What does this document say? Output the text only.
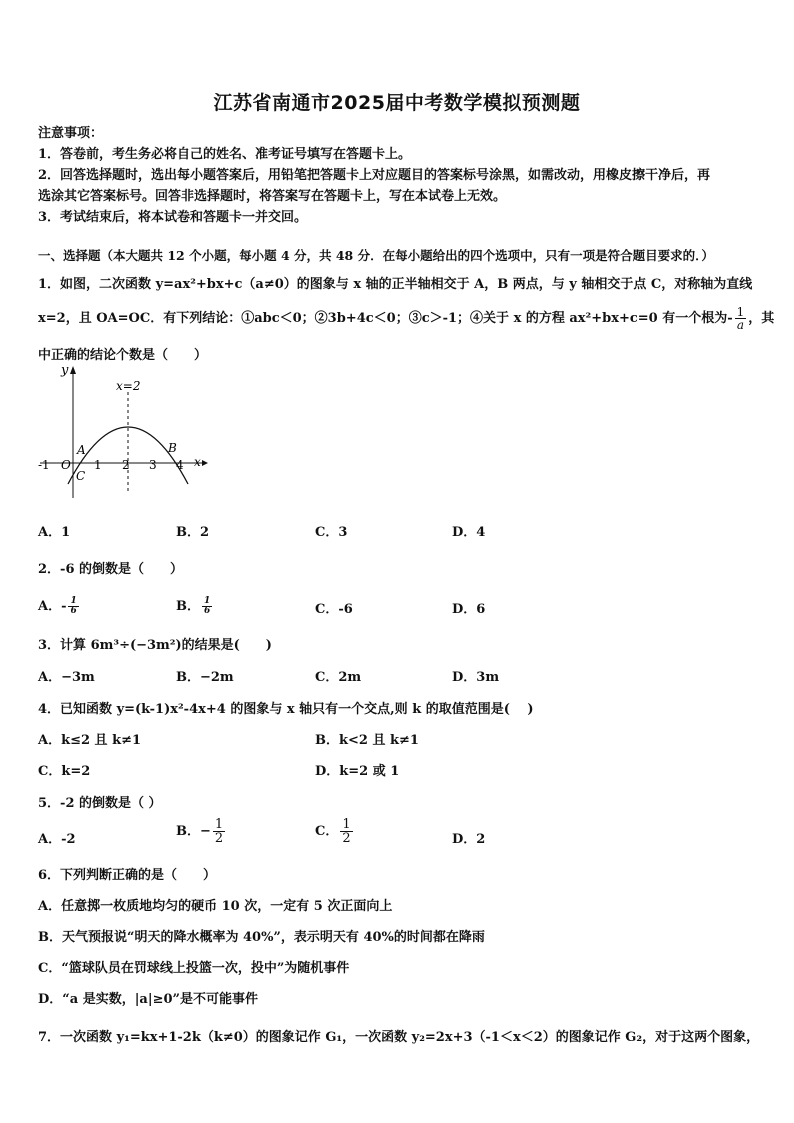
江苏省南通市2025届中考数学模拟预测题
注意事项：
1．答卷前，考生务必将自己的姓名、准考证号填写在答题卡上。
2．回答选择题时，选出每小题答案后，用铅笔把答题卡上对应题目的答案标号涂黑，如需改动，用橡皮擦干净后，再
选涂其它答案标号。回答非选择题时，将答案写在答题卡上，写在本试卷上无效。
3．考试结束后，将本试卷和答题卡一并交回。
一、选择题（本大题共 12 个小题，每小题 4 分，共 48 分．在每小题给出的四个选项中，只有一项是符合题目要求的．）
1．如图，二次函数 y=ax²+bx+c（a≠0）的图象与 x 轴的正半轴相交于 A，B 两点，与 y 轴相交于点 C，对称轴为直线
x=2，且 OA=OC．有下列结论：①abc＜0；②3b+4c＜0；③c＞-1；④关于 x 的方程 ax²+bx+c=0 有一个根为- $\frac{1}{a}$ ，其
中正确的结论个数是（　　）
y
x
x=2
A	B
C
O
-1	1 2 3 4
A．1	B．2	C．3	D．4
2．-6 的倒数是（　　）
A．- $\frac{1}{6}$	B． $\frac{1}{6}$	C．-6	D．6
3．计算 6m³÷(−3m²)的结果是(　　)
A．−3m	B．−2m	C．2m	D．3m
4．已知函数 y=(k-1)x²-4x+4 的图象与 x 轴只有一个交点,则 k 的取值范围是(　 )
A．k≤2 且 k≠1	B．k<2 且 k≠1
C．k=2	D．k=2 或 1
5．-2 的倒数是（ ）
A．-2
B．− $\frac{1}{2}$	C． $\frac{1}{2}$	D．2
6．下列判断正确的是（　　）
A．任意掷一枚质地均匀的硬币 10 次，一定有 5 次正面向上
B．天气预报说“明天的降水概率为 40%”，表示明天有 40%的时间都在降雨
C．“篮球队员在罚球线上投篮一次，投中”为随机事件
D．“a 是实数，|a|≥0”是不可能事件
7．一次函数 y₁=kx+1-2k（k≠0）的图象记作 G₁，一次函数 y₂=2x+3（-1＜x＜2）的图象记作 G₂，对于这两个图象，
